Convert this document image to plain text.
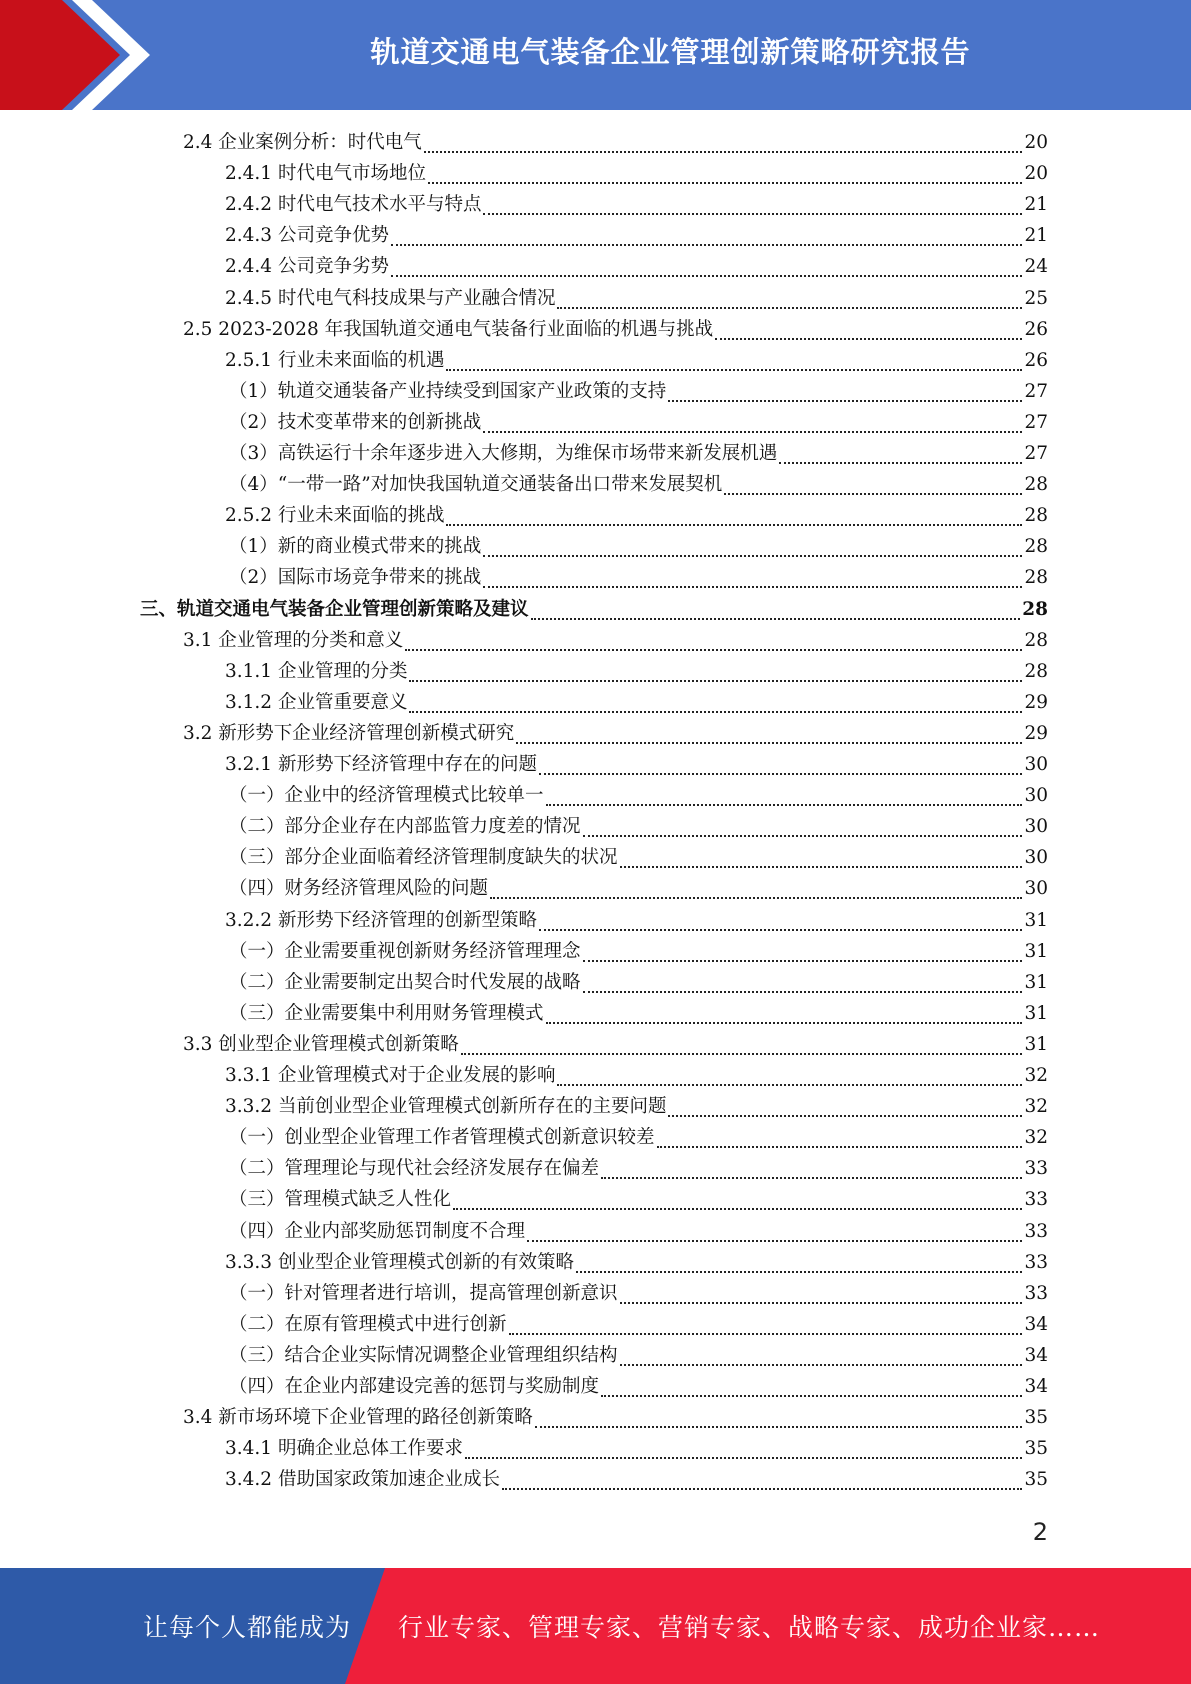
轨道交通电气装备企业管理创新策略研究报告
2.4 企业案例分析：时代电气	20
2.4.1 时代电气市场地位	20
2.4.2 时代电气技术水平与特点	21
2.4.3 公司竞争优势	21
2.4.4 公司竞争劣势	24
2.4.5 时代电气科技成果与产业融合情况	25
2.5 2023-2028 年我国轨道交通电气装备行业面临的机遇与挑战	26
2.5.1 行业未来面临的机遇	26
（1）轨道交通装备产业持续受到国家产业政策的支持	27
（2）技术变革带来的创新挑战	27
（3）高铁运行十余年逐步进入大修期，为维保市场带来新发展机遇	27
（4）“一带一路”对加快我国轨道交通装备出口带来发展契机	28
2.5.2 行业未来面临的挑战	28
（1）新的商业模式带来的挑战	28
（2）国际市场竞争带来的挑战	28
三、轨道交通电气装备企业管理创新策略及建议	28
3.1 企业管理的分类和意义	28
3.1.1 企业管理的分类	28
3.1.2 企业管重要意义	29
3.2 新形势下企业经济管理创新模式研究	29
3.2.1 新形势下经济管理中存在的问题	30
（一）企业中的经济管理模式比较单一	30
（二）部分企业存在内部监管力度差的情况	30
（三）部分企业面临着经济管理制度缺失的状况	30
（四）财务经济管理风险的问题	30
3.2.2 新形势下经济管理的创新型策略	31
（一）企业需要重视创新财务经济管理理念	31
（二）企业需要制定出契合时代发展的战略	31
（三）企业需要集中利用财务管理模式	31
3.3 创业型企业管理模式创新策略	31
3.3.1 企业管理模式对于企业发展的影响	32
3.3.2 当前创业型企业管理模式创新所存在的主要问题	32
（一）创业型企业管理工作者管理模式创新意识较差	32
（二）管理理论与现代社会经济发展存在偏差	33
（三）管理模式缺乏人性化	33
（四）企业内部奖励惩罚制度不合理	33
3.3.3 创业型企业管理模式创新的有效策略	33
（一）针对管理者进行培训，提高管理创新意识	33
（二）在原有管理模式中进行创新	34
（三）结合企业实际情况调整企业管理组织结构	34
（四）在企业内部建设完善的惩罚与奖励制度	34
3.4 新市场环境下企业管理的路径创新策略	35
3.4.1 明确企业总体工作要求	35
3.4.2 借助国家政策加速企业成长	35
2
让每个人都能成为 行业专家、管理专家、营销专家、战略专家、成功企业家……
